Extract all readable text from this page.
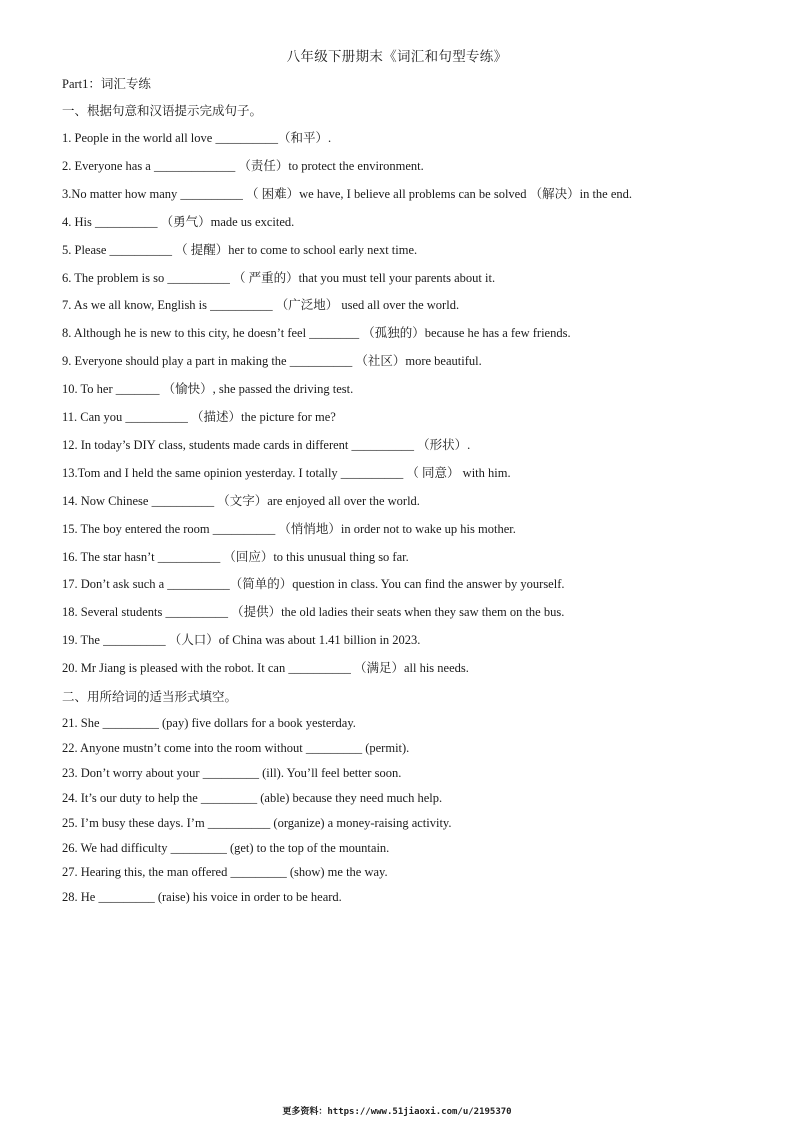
八年级下册期末《词汇和句型专练》
Part1：词汇专练
一、根据句意和汉语提示完成句子。
1. People in the world all love __________（和平）.
2. Everyone has a _____________ （责任）to protect the environment.
3.No matter how many __________ （ 困难）we have, I believe all problems can be solved （解决）in the end.
4. His __________ （勇气）made us excited.
5. Please __________ （ 提醒）her to come to school early next time.
6. The problem is so __________ （ 严重的）that you must tell your parents about it.
7. As we all know, English is __________ （广泛地） used all over the world.
8. Although he is new to this city, he doesn’t feel ________ （孤独的）because he has a few friends.
9. Everyone should play a part in making the __________ （社区）more beautiful.
10. To her _______ （愉快）, she passed the driving test.
11. Can you __________ （描述）the picture for me?
12. In today’s DIY class, students made cards in different __________ （形状）.
13.Tom and I held the same opinion yesterday. I totally __________ （ 同意） with him.
14. Now Chinese __________ （文字）are enjoyed all over the world.
15. The boy entered the room __________ （悄悄地）in order not to wake up his mother.
16. The star hasn’t __________ （回应）to this unusual thing so far.
17. Don’t ask such a __________（简单的）question in class. You can find the answer by yourself.
18. Several students __________ （提供）the old ladies their seats when they saw them on the bus.
19. The __________ （人口）of China was about 1.41 billion in 2023.
20. Mr Jiang is pleased with the robot. It can __________ （满足）all his needs.
二、用所给词的适当形式填空。
21. She _________ (pay) five dollars for a book yesterday.
22. Anyone mustn’t come into the room without _________ (permit).
23. Don’t worry about your _________ (ill). You’ll feel better soon.
24. It’s our duty to help the _________ (able) because they need much help.
25. I’m busy these days. I’m __________ (organize) a money-raising activity.
26. We had difficulty _________ (get) to the top of the mountain.
27. Hearing this, the man offered _________ (show) me the way.
28. He _________ (raise) his voice in order to be heard.
更多资料：https://www.51jiaoxi.com/u/2195370
